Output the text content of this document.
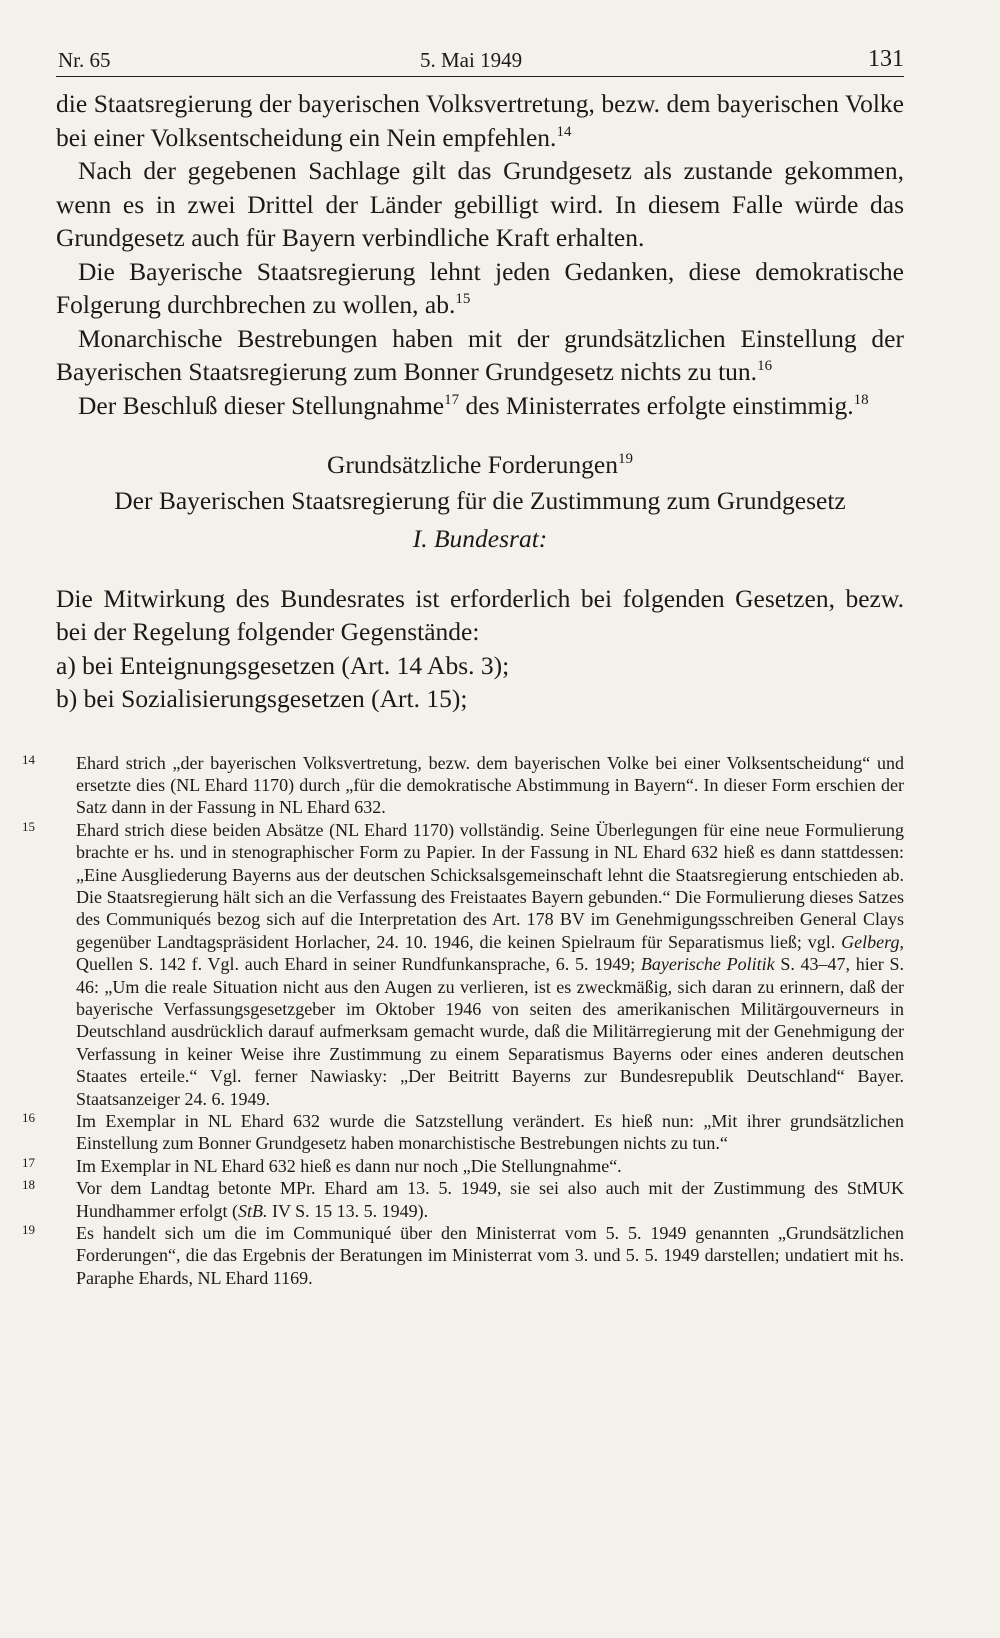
Nr. 65	5. Mai 1949	131

die Staatsregierung der bayerischen Volksvertretung, bezw. dem bayerischen Volke bei einer Volksentscheidung ein Nein empfehlen.$^{14}$

Nach der gegebenen Sachlage gilt das Grundgesetz als zustande gekommen, wenn es in zwei Drittel der Länder gebilligt wird. In diesem Falle würde das Grundgesetz auch für Bayern verbindliche Kraft erhalten.

Die Bayerische Staatsregierung lehnt jeden Gedanken, diese demokratische Folgerung durchbrechen zu wollen, ab.$^{15}$

Monarchische Bestrebungen haben mit der grundsätzlichen Einstellung der Bayerischen Staatsregierung zum Bonner Grundgesetz nichts zu tun.$^{16}$

Der Beschluß dieser Stellungnahme$^{17}$ des Ministerrates erfolgte einstimmig.$^{18}$

Grundsätzliche Forderungen$^{19}$

Der Bayerischen Staatsregierung für die Zustimmung zum Grundgesetz

I. Bundesrat:

Die Mitwirkung des Bundesrates ist erforderlich bei folgenden Gesetzen, bezw. bei der Regelung folgender Gegenstände:

a) bei Enteignungsgesetzen (Art. 14 Abs. 3);

b) bei Sozialisierungsgesetzen (Art. 15);

14 Ehard strich „der bayerischen Volksvertretung, bezw. dem bayerischen Volke bei einer Volksentscheidung“ und ersetzte dies (NL Ehard 1170) durch „für die demokratische Abstimmung in Bayern“. In dieser Form erschien der Satz dann in der Fassung in NL Ehard 632.

15 Ehard strich diese beiden Absätze (NL Ehard 1170) vollständig. Seine Überlegungen für eine neue Formulierung brachte er hs. und in stenographischer Form zu Papier. In der Fassung in NL Ehard 632 hieß es dann stattdessen: „Eine Ausgliederung Bayerns aus der deutschen Schicksalsgemeinschaft lehnt die Staatsregierung entschieden ab. Die Staatsregierung hält sich an die Verfassung des Freistaates Bayern gebunden.“ Die Formulierung dieses Satzes des Communiqués bezog sich auf die Interpretation des Art. 178 BV im Genehmigungsschreiben General Clays gegenüber Landtagspräsident Horlacher, 24. 10. 1946, die keinen Spielraum für Separatismus ließ; vgl. Gelberg, Quellen S. 142 f. Vgl. auch Ehard in seiner Rundfunkansprache, 6. 5. 1949; Bayerische Politik S. 43–47, hier S. 46: „Um die reale Situation nicht aus den Augen zu verlieren, ist es zweckmäßig, sich daran zu erinnern, daß der bayerische Verfassungsgesetzgeber im Oktober 1946 von seiten des amerikanischen Militärgouverneurs in Deutschland ausdrücklich darauf aufmerksam gemacht wurde, daß die Militärregierung mit der Genehmigung der Verfassung in keiner Weise ihre Zustimmung zu einem Separatismus Bayerns oder eines anderen deutschen Staates erteile.“ Vgl. ferner Nawiasky: „Der Beitritt Bayerns zur Bundesrepublik Deutschland“ Bayer. Staatsanzeiger 24. 6. 1949.

16 Im Exemplar in NL Ehard 632 wurde die Satzstellung verändert. Es hieß nun: „Mit ihrer grundsätzlichen Einstellung zum Bonner Grundgesetz haben monarchistische Bestrebungen nichts zu tun.“

17 Im Exemplar in NL Ehard 632 hieß es dann nur noch „Die Stellungnahme“.

18 Vor dem Landtag betonte MPr. Ehard am 13. 5. 1949, sie sei also auch mit der Zustimmung des StMUK Hundhammer erfolgt (StB. IV S. 15 13. 5. 1949).

19 Es handelt sich um die im Communiqué über den Ministerrat vom 5. 5. 1949 genannten „Grundsätzlichen Forderungen“, die das Ergebnis der Beratungen im Ministerrat vom 3. und 5. 5. 1949 darstellen; undatiert mit hs. Paraphe Ehards, NL Ehard 1169.
